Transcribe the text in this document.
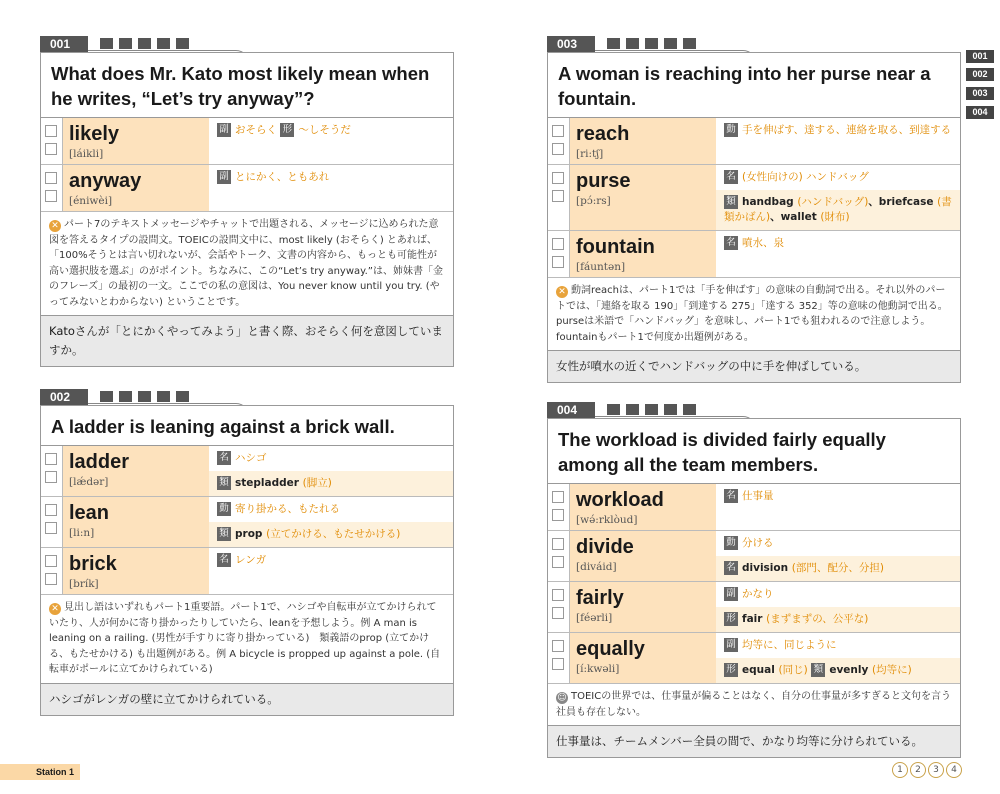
001
What does Mr. Kato most likely mean when he writes, “Let’s try anyway”?
likely
[láikli]
副 おそらく 形 ～しそうだ
anyway
[éniwèi]
副 とにかく、ともあれ
✕ パート7のテキストメッセージやチャットで出題される、メッセージに込められた意図を答えるタイプの設問文。TOEICの設問文中に、most likely (おそらく) とあれば、「100%そうとは言い切れないが、会話やトーク、文書の内容から、もっとも可能性が高い選択肢を選ぶ」のがポイント。ちなみに、この“Let’s try anyway.”は、姉妹書「金のフレーズ」の最初の一文。ここでの私の意図は、You never know until you try. (やってみないとわからない) ということです。
Katoさんが「とにかくやってみよう」と書く際、おそらく何を意図していますか。
002
A ladder is leaning against a brick wall.
ladder
[lǽdər]
名 ハシゴ
類 stepladder (脚立)
lean
[li:n]
動 寄り掛かる、もたれる
類 prop (立てかける、もたせかける)
brick
[brík]
名 レンガ
✕ 見出し語はいずれもパート1重要語。パート1で、ハシゴや自転車が立てかけられていたり、人が何かに寄り掛かったりしていたら、leanを予想しよう。例 A man is leaning on a railing. (男性が手すりに寄り掛かっている)　類義語のprop (立てかける、もたせかける) も出題例がある。例 A bicycle is propped up against a pole. (自転車がポールに立てかけられている)
ハシゴがレンガの壁に立てかけられている。
003
A woman is reaching into her purse near a fountain.
reach
[ri:tʃ]
動 手を伸ばす、達する、連絡を取る、到達する
purse
[pɔ́:rs]
名 (女性向けの) ハンドバッグ
類 handbag (ハンドバッグ)、briefcase (書類かばん)、wallet (財布)
fountain
[fáuntən]
名 噴水、泉
✕ 動詞reachは、パート1では「手を伸ばす」の意味の自動詞で出る。それ以外のパートでは、「連絡を取る 190」「到達する 275」「達する 352」等の意味の他動詞で出る。purseは米語で「ハンドバッグ」を意味し、パート1でも狙われるので注意しよう。fountainもパート1で何度か出題例がある。
女性が噴水の近くでハンドバッグの中に手を伸ばしている。
004
The workload is divided fairly equally among all the team members.
workload
[wə́:rklòud]
名 仕事量
divide
[diváid]
動 分ける
名 division (部門、配分、分担)
fairly
[féərli]
副 かなり
形 fair (まずまずの、公平な)
equally
[í:kwəli]
副 均等に、同じように
形 equal (同じ) 類 evenly (均等に)
☺ TOEICの世界では、仕事量が偏ることはなく、自分の仕事量が多すぎると文句を言う社員も存在しない。
仕事量は、チームメンバー全員の間で、かなり均等に分けられている。
001
002
003
004
Station 1	1	2	3	4
